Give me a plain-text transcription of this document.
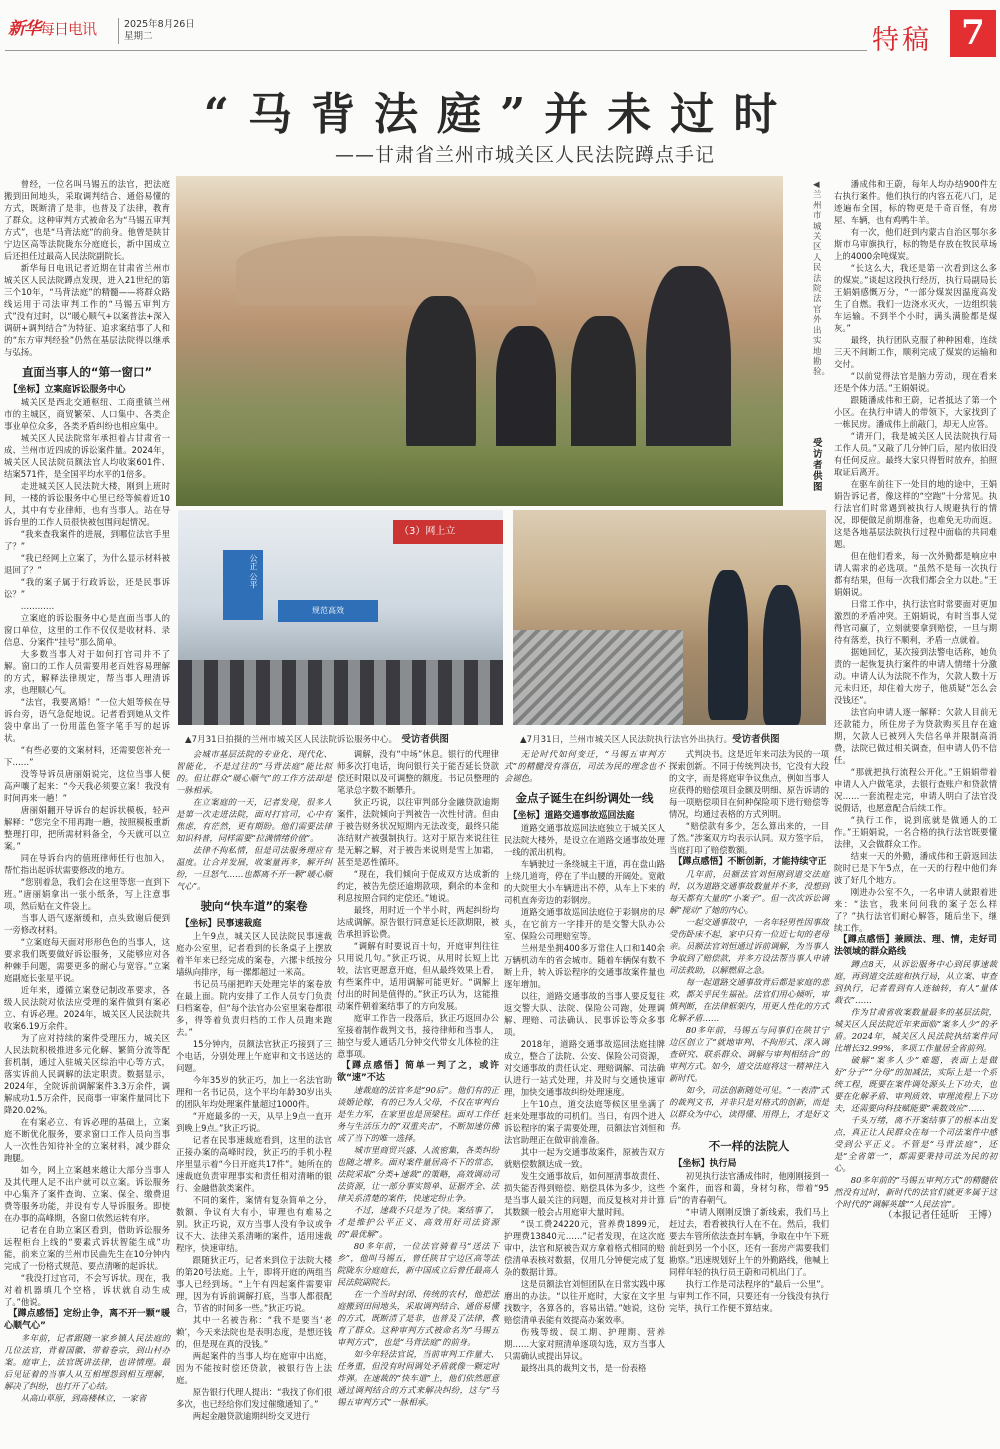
新华每日电讯	2025年8月26日
星期二	特稿 7
“马背法庭”并未过时
——甘肃省兰州市城关区人民法院蹲点手记
◀兰州市城关区人民法院法官外出实地勘验。
受访者供图
（3）网上立
公正 公平
规范高效
▲7月31日拍摄的兰州市城关区人民法院诉讼服务中心。　 受访者供图	▲7月31日，兰州市城关区人民法院执行法官外出执行。受访者供图

曾经，一位名叫马锡五的法官，把法庭搬到田间地头，采取调判结合、通俗易懂的方式，既断清了是非，也普及了法律，教育了群众。这种审判方式被命名为“马锡五审判方式”，也是“马背法庭”的前身。他曾是陕甘宁边区高等法院陇东分庭庭长，新中国成立后还担任过最高人民法院副院长。

新华每日电讯记者近期在甘肃省兰州市城关区人民法院蹲点发现，进入21世纪的第三个10年，“马背法庭”的精髓——将群众路线运用于司法审判工作的“马锡五审判方式”没有过时，以“暖心顺气+以案普法+深入调研+调判结合”为特征、追求案结事了人和的“东方审判经验”仍然在基层法院得以继承与弘扬。

直面当事人的“第一窗口”

【坐标】立案庭诉讼服务中心

城关区是西北交通枢纽、工商重镇兰州市的主城区，商贸繁荣、人口集中、各类企事业单位众多，各类矛盾纠纷也相应集中。

城关区人民法院常年承担着占甘肃省一成、兰州市近四成的诉讼案件量。2024年，城关区人民法院员额法官人均收案601件、结案571件，是全国平均水平的1倍多。

走进城关区人民法院大楼，刚到上班时间，一楼的诉讼服务中心里已经等候着近10人，其中有专业律师，也有当事人。站在导诉台里的工作人员很快被包围问起情况。

“我来查我案件的进展，到哪位法官手里了？”

“我已经网上立案了，为什么显示材料被退回了？”

“我的案子属于行政诉讼，还是民事诉讼？”

…………

立案庭的诉讼服务中心是直面当事人的窗口单位，这里的工作不仅仅是收材料、录信息、分案件“挂号”那么简单。

大多数当事人对于如何打官司并不了解。窗口的工作人员需要用老百姓容易理解的方式，解释法律规定，帮当事人理清诉求，也理顺心气。

“法官，我要离婚！”一位大姐等候在导诉台旁，语气急促地说。记者看到她从文件袋中拿出了一份用蓝色签字笔手写的起诉状。

“有些必要的文案材料，还需要您补充一下……”

没等导诉员唐丽娟说完，这位当事人便高声嚷了起来：“今天我必须要立案！我没有时间再来一趟！”

唐丽娟翻开导诉台的起诉状模板，轻声解释：“您完全不用再跑一趟，按照模板重新整理打印，把所需材料备全，今天就可以立案。”

同在导诉台内的值班律师任行也加入，帮忙指出起诉状需要修改的地方。

“您别着急，我们会在这里等您一直到下班。”唐丽娟拿出一张小纸条，写上注意事项，然后贴在文件袋上。

当事人语气逐渐缓和，点头致谢后便到一旁修改材料。

“立案庭每天面对形形色色的当事人，这要求我们既要做好诉讼服务，又能够应对各种棘手问题，需要更多的耐心与宽容。”立案庭副庭长张星平说。

近年来，遵循立案登记制改革要求，各级人民法院对依法应受理的案件做到有案必立、有诉必理。2024年，城关区人民法院共收案6.19万余件。

为了应对持续的案件受理压力，城关区人民法院积极推进多元化解、繁简分流等配套机制，通过入驻城关区综治中心等方式，落实诉前人民调解的法定职责。数据显示，2024年，全院诉前调解案件3.3万余件，调解成功1.5万余件，民商事一审案件量同比下降20.02%。

在有案必立、有诉必理的基础上，立案庭不断优化服务，要求窗口工作人员向当事人一次性告知待补全的立案材料，减少群众跑腿。

如今，网上立案越来越让大部分当事人及其代理人足不出户就可以立案。诉讼服务中心集齐了案件查询、立案、保全、缴费退费等服务功能，并设有专人导诉服务。即使在办事的高峰期，各窗口依然运转有序。

记者在自助立案区看到，借助诉讼服务远程柜台上线的“要素式诉状智能生成”功能，前来立案的兰州市民曲先生在10分钟内完成了一份格式规范、要点清晰的起诉状。

“我没打过官司，不会写诉状。现在，我对着机器填几个空格，诉状就自动生成了。”他说。

【蹲点感悟】定纷止争，离不开一颗“暖心顺气心”

多年前，记者跟随一家乡镇人民法庭的几位法官，背着国徽、带着卷宗，到山村办案。庭审上，法官既讲法律，也讲情理。最后见证着的当事人从互相埋怨到相互理解，解决了纠纷，也打开了心结。

从高山草原，到高楼林立，一家省

会城市基层法院的专业化、现代化、智能化，不是过往的“马背法庭”能比拟的。但让群众“暖心顺气”的工作方法却是一脉相承。

在立案庭的一天，记者发现，很多人是第一次走进法院，面对打官司，心中有焦虑，有茫然，更有期盼。他们需要法律知识科普，同样需要“拉满情绪价值”。

法律不拘私情，但是司法服务理应有温度。让合并发展，收案量再多，解开纠纷，一旦怒气……也都离不开一颗“暖心顺气心”。

驶向“快车道”的案卷

【坐标】民事速裁庭

上午9点，城关区人民法院民事速裁庭办公室里，记者看到的长条桌子上摆放着半年来已经完成的案卷，六摞卡纸按分墙纵向排序，每一摞都超过一米高。

书记员马丽把昨天处理完毕的案卷放在最上面。院内安排了工作人员专门负责归档案卷，但“每个法官办公室里案卷都很多，得等着负责归档的工作人员跑来跑去。”

15分钟内，员额法官狄正巧接到了三个电话，分别处理上午庭审和文书送达的问题。

今年35岁的狄正巧，加上一名法官助理和一名书记员，这个平均年龄30岁出头的团队年均处理案件量超过1000件。

“开庭最多的一天，从早上9点一直开到晚上9点。”狄正巧说。

记者在民事速裁庭看到，这里的法官正接办案的高峰时段，狄正巧的手机小程序里显示着“今日开庭共17件”。她所在的速裁庭负责审理事实和责任相对清晰的银行、金融借款类案件。

不同的案件，案情有复杂简单之分，数额、争议有大有小，审理也有难易之别。狄正巧说，双方当事人没有争议或争议不大、法律关系清晰的案件，适用速裁程序，快速审结。

跟随狄正巧，记者来到位于法院大楼的第20号法庭。上午，即将开庭的两组当事人已经到场。“上午有四起案件需要审理，因为有诉前调解打底，当事人都很配合，节省的时间多一些。”狄正巧说。

其中一名被告称：“我不是要当‘老赖’，今天来法院也是表明态度，是想还钱的，但是现在真的没钱。”

两起案件的当事人均在庭审中出庭，因为不能按时偿还贷款，被银行告上法庭。

原告银行代理人提出：“我找了你们很多次，也已经给你们发过催缴通知了。”

两起金融贷款逾期纠纷交叉进行

调解，没有“中场”休息。银行的代理律师多次打电话，询问银行关于能否延长贷款偿还时限以及可调整的额度。书记员整理的笔录总字数不断攀升。

狄正巧说，以往审判部分金融贷款逾期案件，法院倾向于判被告一次性付清。但由于被告财务状况短期内无法改变，最终只能冻结财产被强制执行。这对于原告来说往往是无解之解，对于被告来说则是雪上加霜，甚至是恶性循环。

“现在，我们倾向于促成双方达成新的约定，被告先偿还逾期款项，剩余的本金和利息按照合同约定偿还。”她说。

最终，用时近一个半小时，两起纠纷均达成调解。原告银行同意延长还款期限，被告承担诉讼费。

“调解有时要说百十句，开庭审判往往只用说几句。”狄正巧说，从用时长短上比较，法官更愿意开庭，但从最终效果上看，有些案件中，适用调解可能更好。“调解上付出的时间是值得的。”狄正巧认为，这能推动案件朝着案结事了的方向发展。

庭审工作告一段落后，狄正巧返回办公室接着制作裁判文书，接待律师和当事人，抽空与爱人通话几分钟交代带女儿体检的注意事项。

【蹲点感悟】简单一判了之，或许欲“速”不达

速裁庭的法官多是“90后”。他们有的正谈婚论嫁，有的已为人父母，不仅在审判台是生力军，在家里也是顶梁柱。面对工作任务与生活压力的“双重夹击”，不断加速仿佛成了当下的唯一选择。

城市里商贸兴盛、人流密集，各类纠纷也随之增多。面对案件量居高不下的常态，法院采取“分类+速裁”的策略，高效调动司法资源，让一部分事实简单、证据齐全、法律关系清楚的案件，快速定纷止争。

不过，速裁不只是为了快。案结事了，才是维护公平正义、高效用好司法资源的“最优解”。

80多年前，一位法官骑着马“送法下乡”，他叫马锡五，曾任陕甘宁边区高等法院陇东分庭庭长，新中国成立后曾任最高人民法院副院长。

在一个当时封闭、传统的农村，他把法庭搬到田间地头，采取调判结合、通俗易懂的方式，既断清了是非，也普及了法律，教育了群众。这种审判方式被命名为“马锡五审判方式”，也是“马背法庭”的前身。

如今年轻法官说，当前审判工作量大、任务重，但没有时间调处矛盾就像一颗定时炸弹。在速裁的“快车道”上，他们依然愿意通过调判结合的方式来解决纠纷，这与“马锡五审判方式”一脉相承。

无论时代如何变迁，“马锡五审判方式”的精髓没有落伍，司法为民的理念也不会褪色。

金点子诞生在纠纷调处一线

【坐标】道路交通事故巡回法庭

道路交通事故巡回法庭独立于城关区人民法院大楼外，是设立在道路交通事故处理一线的派出机构。

车辆驶过一条绕城主干道，再在盘山路上绕几道弯，停在了半山腰的开阔处。宽敞的大院里大小车辆进出不停，从车上下来的司机直奔旁边的彩钢房。

道路交通事故巡回法庭位于彩钢房的尽头，在它前方一字排开的是交警大队办公室、保险公司理赔室等。

兰州是坐拥400多万常住人口和140余万辆机动车的省会城市。随着车辆保有数不断上升，转入诉讼程序的交通事故案件量也逐年增加。

以往，道路交通事故的当事人要反复往返交警大队、法院、保险公司跑，处理调解、理赔、司法确认、民事诉讼等众多事项。

2018年，道路交通事故巡回法庭挂牌成立，整合了法院、公安、保险公司资源，对交通事故的责任认定、理赔调解、司法确认进行一站式处理，并及时与交通快速审理，加快交通事故纠纷处理速度。

上午10点，道交法庭等候区里坐满了赶来处理事故的司机们。当日，有四个进入诉讼程序的案子需要处理，员额法官刘恒和法官助理正在做审前准备。

其中一起为交通事故案件，原被告双方就赔偿数额达成一致。

发生交通事故后，如何厘清事故责任、损失能否得到赔偿、赔偿具体为多少，这些是当事人最关注的问题，而反复核对并计算其数额一般会占用庭审大量时间。

“误工费24220元，营养费1899元，护理费13840元……”记者发现，在这次庭审中，法官和原被告双方拿着格式相同的赔偿清单表核对数据，仅用几分钟便完成了复杂的数据计算。

这是员额法官刘恒团队在日常实践中琢磨出的办法。“以往开庭时，大家在文字里找数字，各算各的，容易出错。”她说，这份赔偿清单表能有效提高办案效率。

伤残等级、误工期、护理期、营养期……大家对照清单逐项勾选，双方当事人只需确认或提出异议。

最终出具的裁判文书，是一份表格

式判决书。这是近年来司法为民的一项探索创新。不同于传统判决书，它没有大段的文字，而是将庭审争议焦点，例如当事人应获得的赔偿项目金额及明细、原告诉请的每一项赔偿项目在何种保险项下进行赔偿等情况，均通过表格的方式列明。

“赔偿款有多少，怎么算出来的，一目了然。”涉案双方均表示认同。双方签字后，当庭打印了赔偿数额。

【蹲点感悟】不断创新，才能持续守正

几年前，员额法官刘恒刚到道交法庭时，以为道路交通事故数量并不多，没想到每天都有大量的“小案子”。但一次次诉讼调解“搅动”了她的内心。

一起交通事故中，一名年轻男性因事故受伤卧床不起，家中只有一位近七旬的老母亲。员额法官刘恒通过诉前调解，为当事人争取到了赔偿款，并多方设法帮当事人申请司法救助，以解燃眉之急。

每一起道路交通事故背后都是家庭的悲欢，都关乎民生福祉。法官们用心倾听，审慎判断，在法律框架内，用更人性化的方式化解矛盾……

80多年前，马锡五与同事们在陕甘宁边区创立了“就地审判、不拘形式、深入调查研究、联系群众、调解与审判相结合”的审判方式。如今，道交法庭将这一精神注入新时代。

如今，司法创新随处可见。“一表清”式的裁判文书，并非只是对格式的创新，而是以群众为中心，读得懂、用得上，才是好文书。

不一样的法院人

【坐标】执行局

初见执行法官潘成伟时，他刚刚接到一个案件，面容和蔼，身材匀称，带着“95后”的青春朝气。

“申请人刚刚反馈了新线索，我们马上赶过去，看看被执行人在不在。然后，我们要去车管所依法查封车辆，争取在中午下班前赶到另一个小区，还有一套房产需要我们勘察。”迅速规划好上午的外勤路线，他喊上同样年轻的执行员王蔚和司机出门了。

执行工作是司法程序的“最后一公里”。与审判工作不同，只要还有一分钱没有执行完毕，执行工作便不算结束。

潘成伟和王蔚，每年人均办结900件左右执行案件。他们执行的内容五花八门，足迹遍布全国，标的物更是千奇百怪，有房屋、车辆，也有鸡鸭牛羊。

有一次，他们赶到内蒙古自治区鄂尔多斯市乌审旗执行，标的物是存放在牧民草场上的4000余吨煤炭。

“长这么大，我还是第一次看到这么多的煤炭。”谈起这段执行经历，执行局副局长王娟娟感慨万分，“一部分煤炭因温度高发生了自燃。我们一边浇水灭火，一边组织装车运输。不到半个小时，满头满脸都是煤灰。”

最终，执行团队克服了种种困难，连续三天不间断工作，顺利完成了煤炭的运输和交付。

“以前觉得法官是脑力劳动，现在看来还是个体力活。”王娟娟说。

跟随潘成伟和王蔚，记者抵达了第一个小区。在执行申请人的带领下，大家找到了一栋民房。潘成伟上前敲门，却无人应答。

“请开门，我是城关区人民法院执行局工作人员。”又敲了几分钟门后，屋内依旧没有任何反应。最终大家只得暂时放弃，拍照取证后离开。

在驱车前往下一处目的地的途中，王娟娟告诉记者，像这样的“空跑”十分常见。执行法官们时常遇到被执行人规避执行的情况，即便做足前期准备，也难免无功而返。这是各地基层法院执行过程中面临的共同难题。

但在他们看来，每一次外勤都是响应申请人需求的必选项。“虽然不是每一次执行都有结果，但每一次我们都会全力以赴。”王娟娟说。

日常工作中，执行法官时常要面对更加激烈的矛盾冲突。王娟娟说，有时当事人觉得官司赢了，立刻就要拿到赔偿，一旦与期待有落差，执行不顺利，矛盾一点就着。

据她回忆，某次接到法警电话称，她负责的一起恢复执行案件的申请人情绪十分激动。申请人认为法院不作为，欠款人数十万元未归还，却住着大房子，他质疑“怎么会没钱还”。

法官向申请人逐一解释：欠款人目前无还款能力，所住房子为贷款购买且存在逾期，欠款人已被列入失信名单并限制高消费，法院已做过相关调查，但申请人仍不信任。

“那就把执行流程公开化。”王娟娟带着申请人入户做笔录，去银行查账户和贷款情况……一套流程走完，申请人明白了法官没说假话，也愿意配合后续工作。

“执行工作，说到底就是做通人的工作。”王娟娟说，一名合格的执行法官既要懂法律，又会做群众工作。

结束一天的外勤，潘成伟和王蔚返回法院时已是下午5点，在一天的行程中他们奔波了好几个地方。

刚进办公室不久，一名申请人就跟着进来：“法官，我来问问我的案子怎么样了？”执行法官们耐心解答，随后坐下，继续工作。

【蹲点感悟】兼顾法、理、情，走好司法领域的群众路线

蹲点8天，从诉讼服务中心到民事速裁庭，再到道交法庭和执行局，从立案、审查到执行，记者看到有人连轴转，有人“量体裁衣”……

作为甘肃省收案数量最多的基层法院，城关区人民法院近年来面临“案多人少”的矛盾。2024年，城关区人民法院执结案件同比增长32.99%，多项工作量居全省前列。

破解“案多人少”难题，表面上是做好“分子”“分母”的加减法，实际上是一个系统工程，既要在案件调处源头上下功夫，也要在化解矛盾、审判质效、审理流程上下功夫，还需要向科技赋能要“乘数效应”……

千头万绪，离不开案结事了的根本出发点，真正让人民群众在每一个司法案件中感受到公平正义。不管是“马背法庭”，还是“全省第一”，都需要秉持司法为民的初心。

80多年前的“马锡五审判方式”的精髓依然没有过时，新时代的法官们就更多属于这个时代的“调解英雄”“人民法官”。

（本报记者任延昕　王博）
